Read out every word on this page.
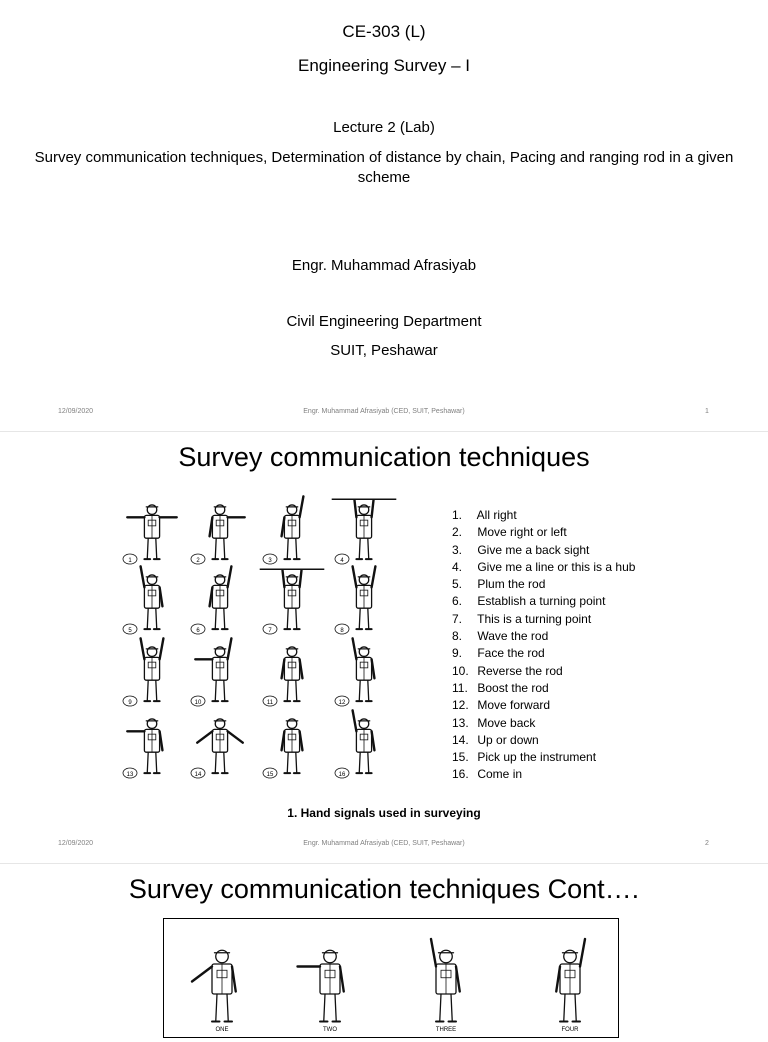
CE-303 (L)
Engineering Survey – I
Lecture 2 (Lab)
Survey communication techniques, Determination of distance by chain, Pacing and ranging rod in a given scheme
Engr. Muhammad Afrasiyab
Civil Engineering Department
SUIT, Peshawar
12/09/2020	Engr. Muhammad Afrasiyab (CED, SUIT, Peshawar)	1
Survey communication techniques
1	2	3	4
5	6	7	8
9	10	11	12
13	14	15	16
1. All right
2. Move right or left
3. Give me a back sight
4. Give me a line or this is a hub
5. Plum the rod
6. Establish a turning point
7. This is a turning point
8. Wave the rod
9. Face the rod
10. Reverse the rod
11. Boost the rod
12. Move forward
13. Move back
14. Up or down
15. Pick up the instrument
16. Come in
1. Hand signals used in surveying
12/09/2020	Engr. Muhammad Afrasiyab (CED, SUIT, Peshawar)	2
Survey communication techniques Cont….
ONE	TWO	THREE	FOUR
